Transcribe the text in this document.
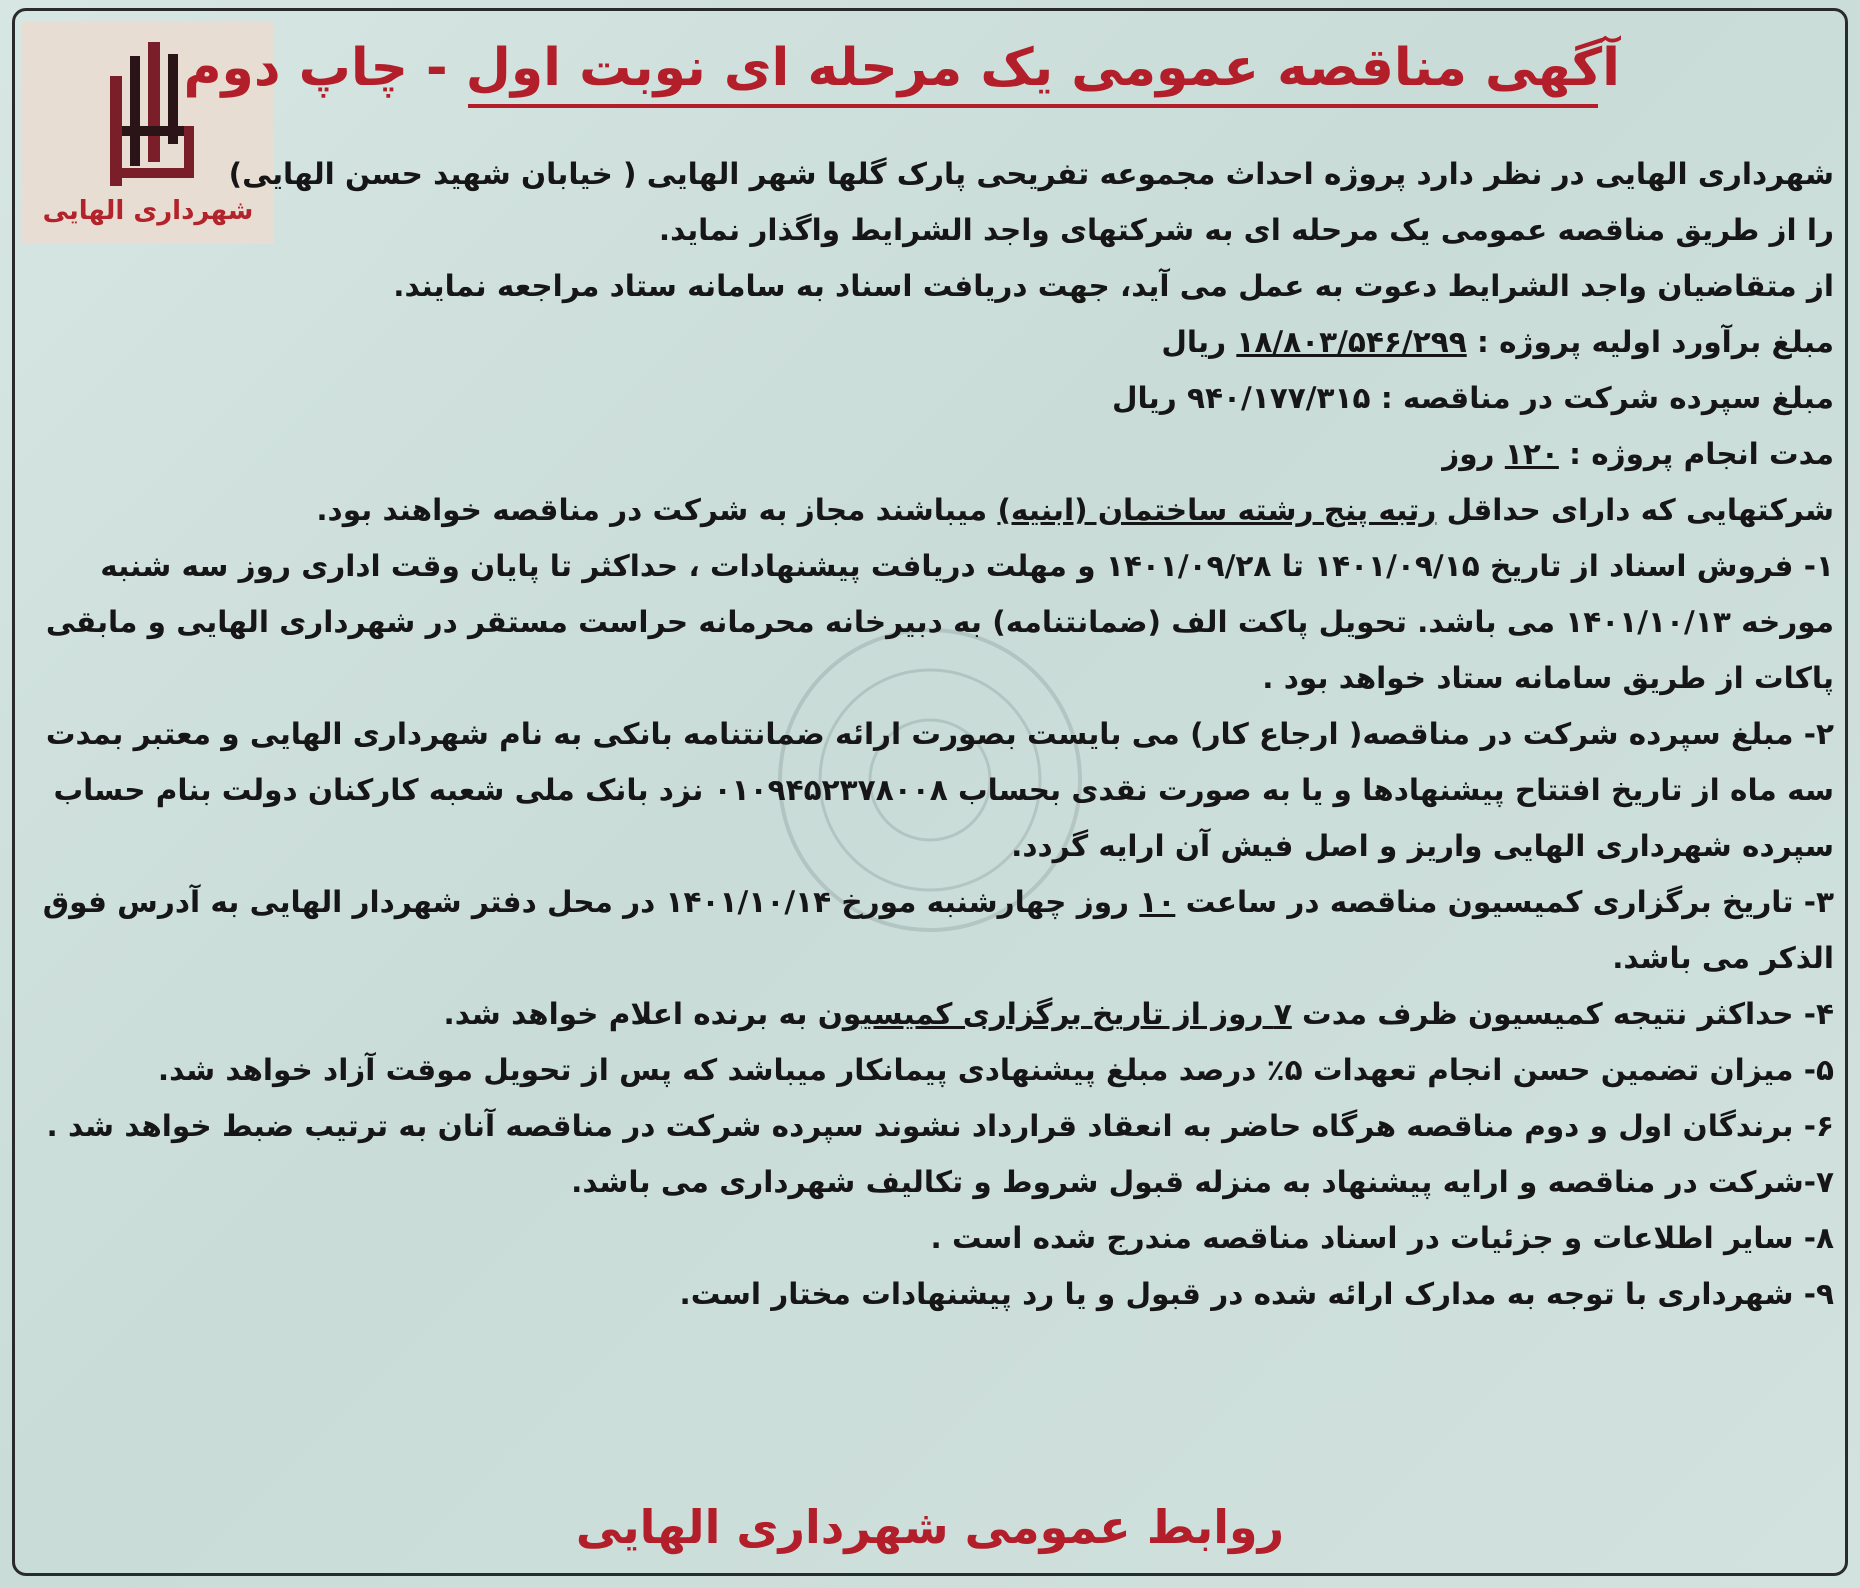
شهرداری الهایی
آگهی مناقصه عمومی یک مرحله ای نوبت اول - چاپ دوم
شهرداری الهایی در نظر دارد پروژه احداث مجموعه تفریحی پارک گلها شهر الهایی ( خیابان شهید حسن الهایی)
را از طریق مناقصه عمومی یک مرحله ای به شرکتهای واجد الشرایط واگذار نماید.
از متقاضیان واجد الشرایط دعوت به عمل می آید، جهت دریافت اسناد به سامانه ستاد مراجعه نمایند.
مبلغ برآورد اولیه پروژه : ۱۸/۸۰۳/۵۴۶/۲۹۹ ریال
مبلغ سپرده شرکت در مناقصه : ۹۴۰/۱۷۷/۳۱۵ ریال
مدت انجام پروژه : ۱۲۰ روز
شرکتهایی که دارای حداقل رتبه پنج رشته ساختمان (ابنیه) میباشند مجاز به شرکت در مناقصه خواهند بود.
۱- فروش اسناد از تاریخ ۱۴۰۱/۰۹/۱۵ تا ۱۴۰۱/۰۹/۲۸ و مهلت دریافت پیشنهادات ، حداکثر تا پایان وقت اداری روز سه شنبه
مورخه ۱۴۰۱/۱۰/۱۳ می باشد. تحویل پاکت الف (ضمانتنامه) به دبیرخانه محرمانه حراست مستقر در شهرداری الهایی و مابقی
پاکات از طریق سامانه ستاد خواهد بود .
۲- مبلغ سپرده شرکت در مناقصه( ارجاع کار) می بایست بصورت ارائه ضمانتنامه بانکی به نام شهرداری الهایی و معتبر بمدت
سه ماه از تاریخ افتتاح پیشنهادها و یا به صورت نقدی بحساب ۰۱۰۹۴۵۲۳۷۸۰۰۸ نزد بانک ملی شعبه کارکنان دولت بنام حساب
سپرده شهرداری الهایی واریز و اصل فیش آن ارایه گردد.
۳- تاریخ برگزاری کمیسیون مناقصه در ساعت ۱۰ روز چهارشنبه مورخ ۱۴۰۱/۱۰/۱۴ در محل دفتر شهردار الهایی به آدرس فوق
الذکر می باشد.
۴- حداکثر نتیجه کمیسیون ظرف مدت ۷ روز از تاریخ برگزاری کمیسیون به برنده اعلام خواهد شد.
۵- میزان تضمین حسن انجام تعهدات ۵٪ درصد مبلغ پیشنهادی پیمانکار میباشد که پس از تحویل موقت آزاد خواهد شد.
۶- برندگان اول و دوم مناقصه هرگاه حاضر به انعقاد قرارداد نشوند سپرده شرکت در مناقصه آنان به ترتیب ضبط خواهد شد .
۷-شرکت در مناقصه و ارایه پیشنهاد به منزله قبول شروط و تکالیف شهرداری می باشد.
۸- سایر اطلاعات و جزئیات در اسناد مناقصه مندرج شده است .
۹- شهرداری با توجه به مدارک ارائه شده در قبول و یا رد پیشنهادات مختار است.
روابط عمومی شهرداری الهایی
